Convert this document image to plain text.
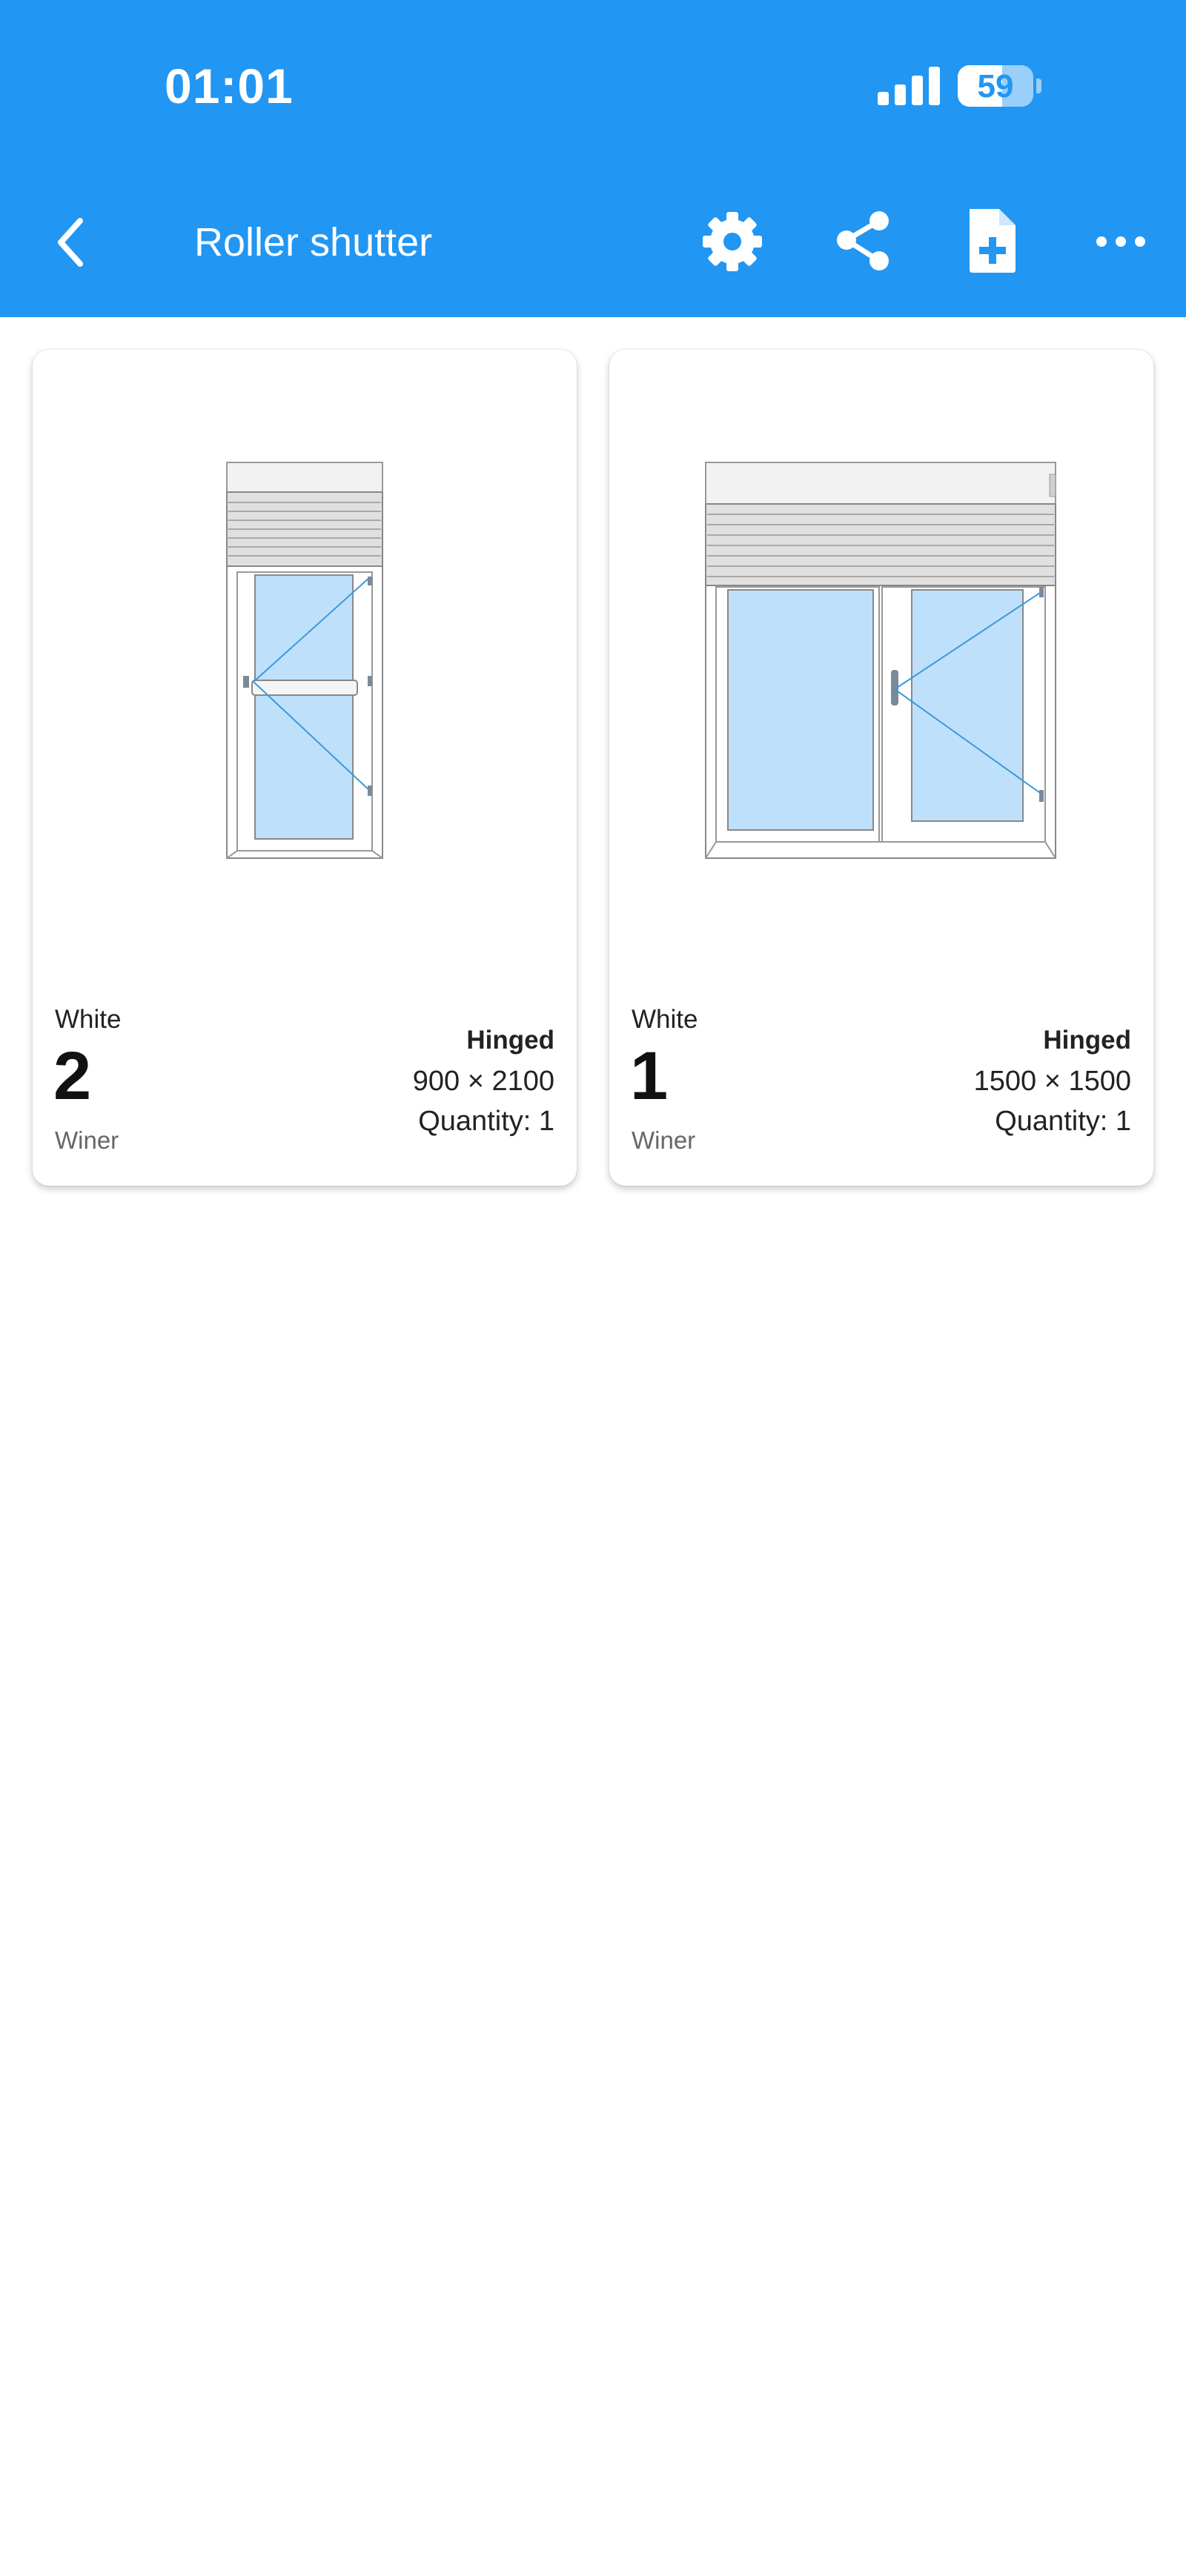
01:01	59
Roller shutter
White
2
Winer
Hinged
900 × 2100
Quantity: 1
White
1
Winer
Hinged
1500 × 1500
Quantity: 1
